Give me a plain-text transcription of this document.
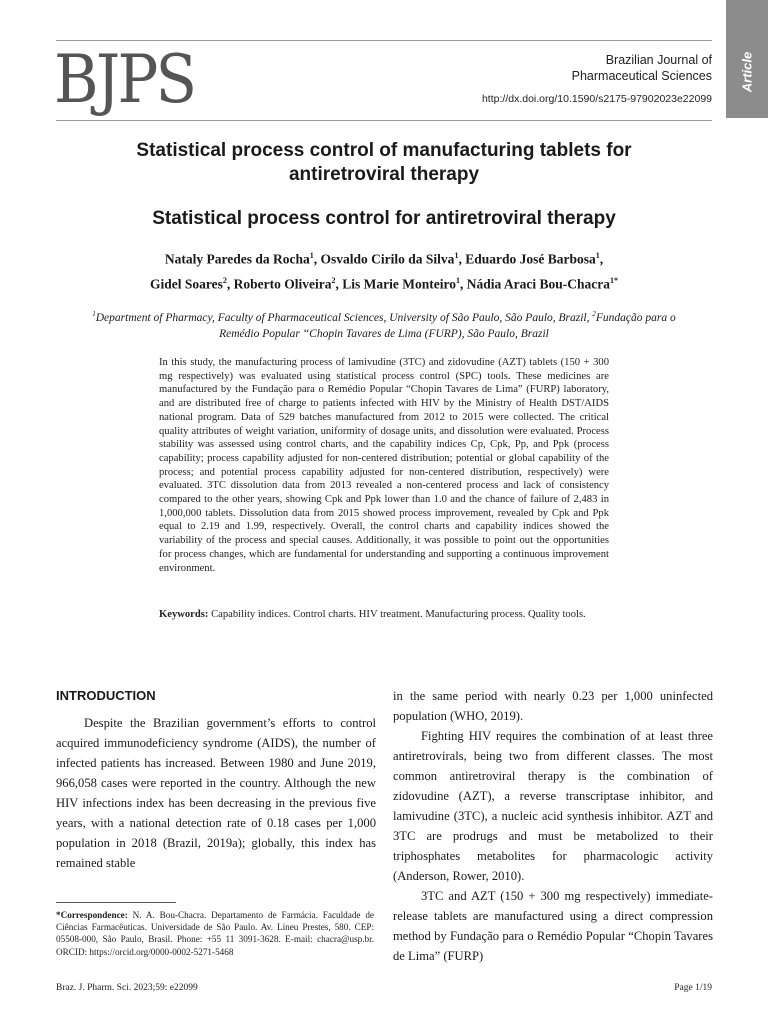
BJPS	Brazilian Journal of
Pharmaceutical Sciences
http://dx.doi.org/10.1590/s2175-97902023e22099
Article
Statistical process control of manufacturing tablets for antiretroviral therapy
Statistical process control for antiretroviral therapy
Nataly Paredes da Rocha$^1$, Osvaldo Cirilo da Silva$^1$, Eduardo José Barbosa$^1$,
Gidel Soares$^2$, Roberto Oliveira$^2$, Lis Marie Monteiro$^1$, Nádia Araci Bou-Chacra$^{1*}$
$^1$Department of Pharmacy, Faculty of Pharmaceutical Sciences, University of São Paulo, São Paulo, Brazil, $^2$Fundação para o Remédio Popular “Chopin Tavares de Lima (FURP), São Paulo, Brazil

In this study, the manufacturing process of lamivudine (3TC) and zidovudine (AZT) tablets (150 + 300 mg respectively) was evaluated using statistical process control (SPC) tools. These medicines are manufactured by the Fundação para o Remédio Popular “Chopin Tavares de Lima” (FURP) laboratory, and are distributed free of charge to patients infected with HIV by the Ministry of Health DST/AIDS national program. Data of 529 batches manufactured from 2012 to 2015 were collected. The critical quality attributes of weight variation, uniformity of dosage units, and dissolution were evaluated. Process stability was assessed using control charts, and the capability indices Cp, Cpk, Pp, and Ppk (process capability; process capability adjusted for non-centered distribution; potential or global capability of the process; and potential process capability adjusted for non-centered distribution, respectively) were evaluated. 3TC dissolution data from 2013 revealed a non-centered process and lack of consistency compared to the other years, showing Cpk and Ppk lower than 1.0 and the chance of failure of 2,483 in 1,000,000 tablets. Dissolution data from 2015 showed process improvement, revealed by Cpk and Ppk equal to 2.19 and 1.99, respectively. Overall, the control charts and capability indices showed the variability of the process and special causes. Additionally, it was possible to point out the opportunities for process changes, which are fundamental for understanding and supporting a continuous improvement environment.

Keywords: Capability indices. Control charts. HIV treatment. Manufacturing process. Quality tools.

INTRODUCTION

Despite the Brazilian government’s efforts to control acquired immunodeficiency syndrome (AIDS), the number of infected patients has increased. Between 1980 and June 2019, 966,058 cases were reported in the country. Although the new HIV infections index has been decreasing in the previous five years, with a national detection rate of 0.18 cases per 1,000 population in 2018 (Brazil, 2019a); globally, this index has remained stable

in the same period with nearly 0.23 per 1,000 uninfected population (WHO, 2019).

Fighting HIV requires the combination of at least three antiretrovirals, being two from different classes. The most common antiretroviral therapy is the combination of zidovudine (AZT), a reverse transcriptase inhibitor, and lamivudine (3TC), a nucleic acid synthesis inhibitor. AZT and 3TC are prodrugs and must be metabolized to their triphosphates metabolites for pharmacologic activity (Anderson, Rower, 2010).

3TC and AZT (150 + 300 mg respectively) immediate-release tablets are manufactured using a direct compression method by Fundação para o Remédio Popular “Chopin Tavares de Lima” (FURP)

*Correspondence: N. A. Bou-Chacra. Departamento de Farmácia. Faculdade de Ciências Farmacêuticas. Universidade de São Paulo. Av. Lineu Prestes, 580. CEP: 05508-000, São Paulo, Brasil. Phone: +55 11 3091-3628. E-mail: chacra@usp.br. ORCID: https://orcid.org/0000-0002-5271-5468

Braz. J. Pharm. Sci. 2023;59: e22099	Page 1/19
